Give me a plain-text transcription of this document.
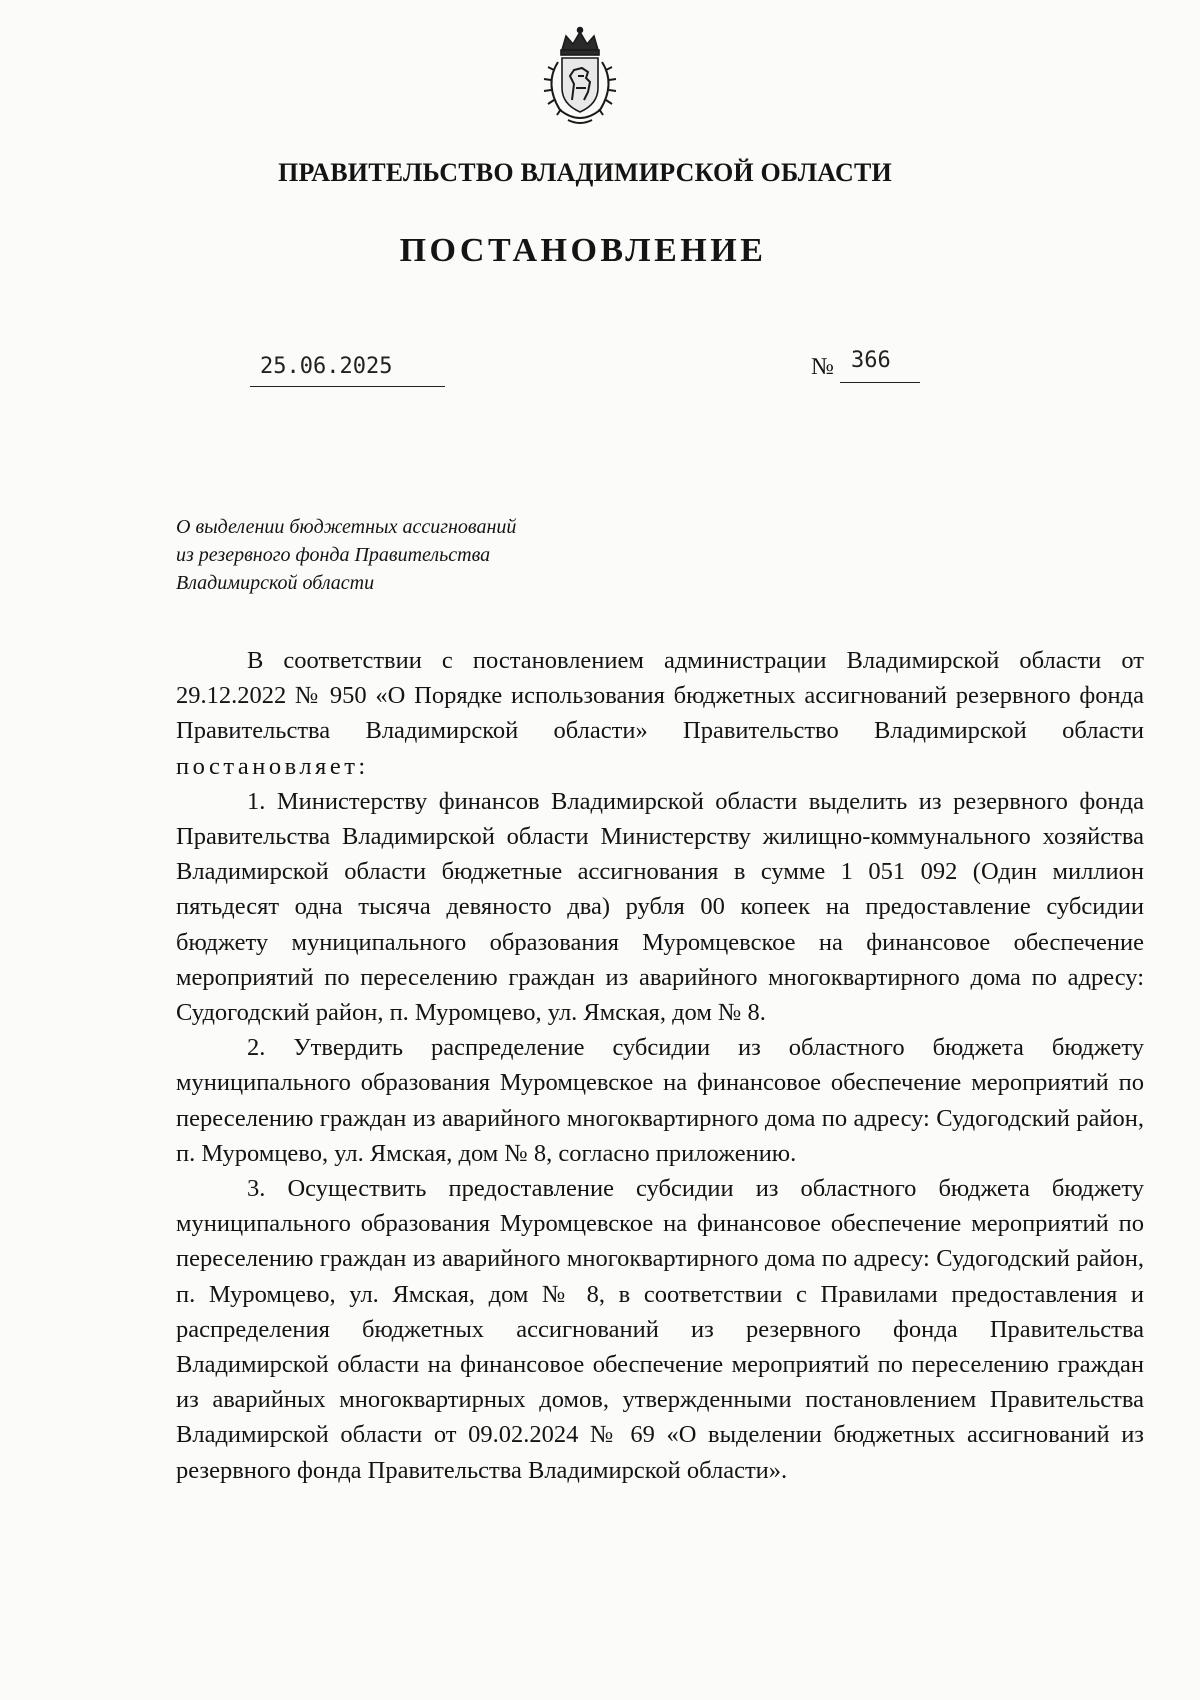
ПРАВИТЕЛЬСТВО ВЛАДИМИРСКОЙ ОБЛАСТИ
ПОСТАНОВЛЕНИЕ
25.06.2025	№ 366
О выделении бюджетных ассигнований
из резервного фонда Правительства
Владимирской области

В соответствии с постановлением администрации Владимирской области от 29.12.2022 № 950 «О Порядке использования бюджетных ассигнований резервного фонда Правительства Владимирской области» Правительство Владимирской области постановляет:

1. Министерству финансов Владимирской области выделить из резервного фонда Правительства Владимирской области Министерству жилищно-коммунального хозяйства Владимирской области бюджетные ассигнования в сумме 1 051 092 (Один миллион пятьдесят одна тысяча девяносто два) рубля 00 копеек на предоставление субсидии бюджету муниципального образования Муромцевское на финансовое обеспечение мероприятий по переселению граждан из аварийного многоквартирного дома по адресу: Судогодский район, п. Муромцево, ул. Ямская, дом № 8.

2. Утвердить распределение субсидии из областного бюджета бюджету муниципального образования Муромцевское на финансовое обеспечение мероприятий по переселению граждан из аварийного многоквартирного дома по адресу: Судогодский район, п. Муромцево, ул. Ямская, дом № 8, согласно приложению.

3. Осуществить предоставление субсидии из областного бюджета бюджету муниципального образования Муромцевское на финансовое обеспечение мероприятий по переселению граждан из аварийного многоквартирного дома по адресу: Судогодский район, п. Муромцево, ул. Ямская, дом № 8, в соответствии с Правилами предоставления и распределения бюджетных ассигнований из резервного фонда Правительства Владимирской области на финансовое обеспечение мероприятий по переселению граждан из аварийных многоквартирных домов, утвержденными постановлением Правительства Владимирской области от 09.02.2024 № 69 «О выделении бюджетных ассигнований из резервного фонда Правительства Владимирской области».
